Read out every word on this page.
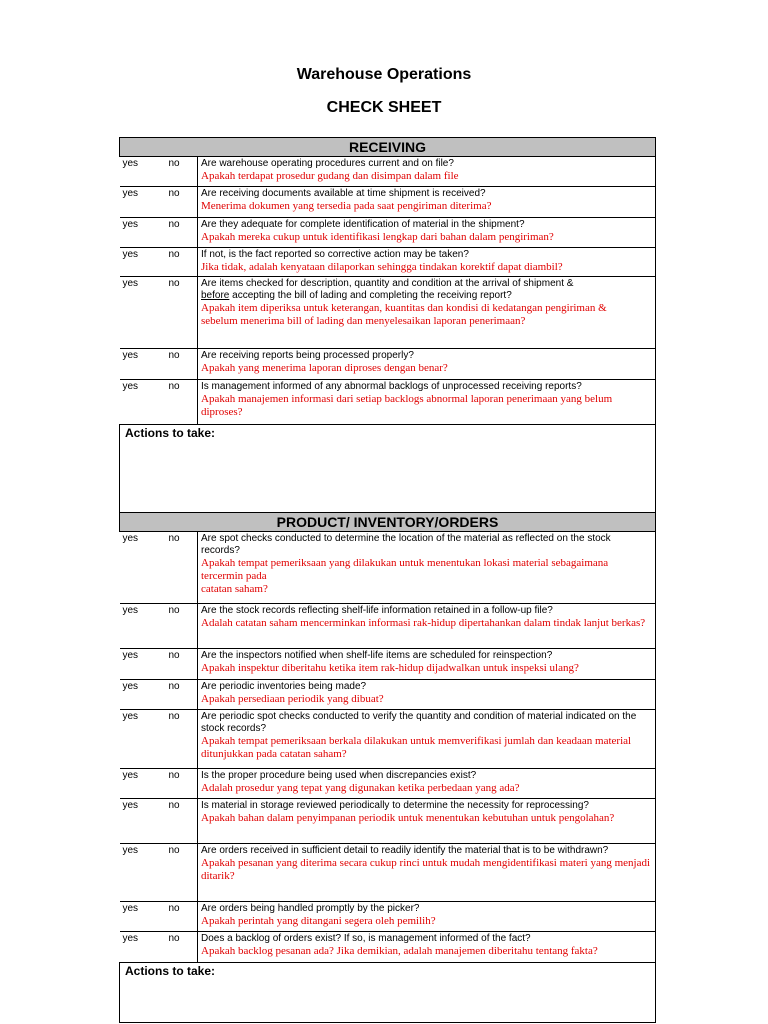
Warehouse Operations
CHECK SHEET
RECEIVING		
yes	no	Are warehouse operating procedures current and on file?
Apakah terdapat prosedur gudang dan disimpan dalam file

yes	no	Are receiving documents available at time shipment is received?
Menerima dokumen yang tersedia pada saat pengiriman diterima?

yes	no	Are they adequate for complete identification of material in the shipment?
Apakah mereka cukup untuk identifikasi lengkap dari bahan dalam pengiriman?

yes	no	If not, is the fact reported so corrective action may be taken?
Jika tidak, adalah kenyataan dilaporkan sehingga tindakan korektif dapat diambil?

yes	no	Are items checked for description, quantity and condition at the arrival of shipment &
before accepting the bill of lading and completing the receiving report?
Apakah item diperiksa untuk keterangan, kuantitas dan kondisi di kedatangan pengiriman &
sebelum menerima bill of lading dan menyelesaikan laporan penerimaan?

yes	no	Are receiving reports being processed properly?
Apakah yang menerima laporan diproses dengan benar?

yes	no	Is management informed of any abnormal backlogs of unprocessed receiving reports?
Apakah manajemen informasi dari setiap backlogs abnormal laporan penerimaan yang belum diproses?

Actions to take:		
PRODUCT/ INVENTORY/ORDERS		
yes	no	Are spot checks conducted to determine the location of the material as reflected on the stock records?
Apakah tempat pemeriksaan yang dilakukan untuk menentukan lokasi material sebagaimana tercermin pada
catatan saham?

yes	no	Are the stock records reflecting shelf-life information retained in a follow-up file?
Adalah catatan saham mencerminkan informasi rak-hidup dipertahankan dalam tindak lanjut berkas?

yes	no	Are the inspectors notified when shelf-life items are scheduled for reinspection?
Apakah inspektur diberitahu ketika item rak-hidup dijadwalkan untuk inspeksi ulang?

yes	no	Are periodic inventories being made?
Apakah persediaan periodik yang dibuat?

yes	no	Are periodic spot checks conducted to verify the quantity and condition of material indicated on the stock records?
Apakah tempat pemeriksaan berkala dilakukan untuk memverifikasi jumlah dan keadaan material ditunjukkan pada catatan saham?

yes	no	Is the proper procedure being used when discrepancies exist?
Adalah prosedur yang tepat yang digunakan ketika perbedaan yang ada?

yes	no	Is material in storage reviewed periodically to determine the necessity for reprocessing?
Apakah bahan dalam penyimpanan periodik untuk menentukan kebutuhan untuk pengolahan?

yes	no	Are orders received in sufficient detail to readily identify the material that is to be withdrawn?
Apakah pesanan yang diterima secara cukup rinci untuk mudah mengidentifikasi materi yang menjadi ditarik?

yes	no	Are orders being handled promptly by the picker?
Apakah perintah yang ditangani segera oleh pemilih?

yes	no	Does a backlog of orders exist? If so, is management informed of the fact?
Apakah backlog pesanan ada? Jika demikian, adalah manajemen diberitahu tentang fakta?

Actions to take:		
